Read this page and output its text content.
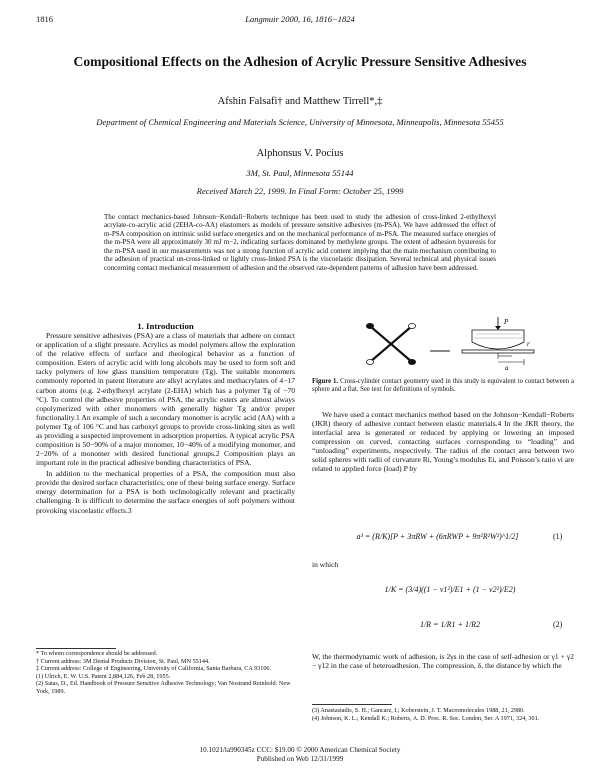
1816	Langmuir 2000, 16, 1816−1824
Compositional Effects on the Adhesion of Acrylic Pressure Sensitive Adhesives
Afshin Falsafi† and Matthew Tirrell*,‡
Department of Chemical Engineering and Materials Science, University of Minnesota, Minneapolis, Minnesota 55455
Alphonsus V. Pocius
3M, St. Paul, Minnesota 55144
Received March 22, 1999. In Final Form: October 25, 1999
The contact mechanics-based Johnson−Kendall−Roberts technique has been used to study the adhesion of cross-linked 2-ethylhexyl acrylate-co-acrylic acid (2EHA-co-AA) elastomers as models of pressure sensitive adhesives (m-PSA). We have addressed the effect of m-PSA composition on intrinsic solid surface energetics and on the mechanical performance of m-PSA. The measured surface energies of the m-PSA were all approximately 30 mJ m−2, indicating surfaces dominated by methylene groups. The extent of adhesion hysteresis for the m-PSA used in our measurements was not a strong function of acrylic acid content implying that the main mechanism contributing to the adhesion of practical un-cross-linked or lightly cross-linked PSA is the viscoelastic dissipation. Several technical and physical issues concerning contact mechanical measurement of adhesion and the observed rate-dependent patterns of adhesion have been addressed.

1. Introduction

Pressure sensitive adhesives (PSA) are a class of materials that adhere on contact or application of a slight pressure. Acrylics as model polymers allow the exploration of the relative effects of surface and rheological behavior as a function of composition. Esters of acrylic acid with long alcohols may be used to form soft and tacky polymers of low glass transition temperature (Tg). The suitable monomers commonly reported in patent literature are alkyl acrylates and methacrylates of 4−17 carbon atoms (e.g. 2-ethylhexyl acrylate (2-EHA) which has a polymer Tg of −70 °C). To control the adhesive properties of PSA, the acrylic esters are almost always copolymerized with other monomers with generally higher Tg and/or proper functionality.1 An example of such a secondary monomer is acrylic acid (AA) with a polymer Tg of 106 °C and has carboxyl groups to provide cross-linking sites as well as providing a suspected improvement in adsorption properties. A typical acrylic PSA composition is 50−90% of a major monomer, 10−40% of a modifying monomer, and 2−20% of a monomer with desired functional groups.2 Composition plays an important role in the practical adhesive bonding characteristics of PSA.

In addition to the mechanical properties of a PSA, the composition must also provide the desired surface characteristics, one of these being surface energy. Surface energy determination for a PSA is both technologically relevant and practically challenging. It is difficult to determine the surface energies of soft polymers without provoking viscoelastic effects.3

* To whom correspondence should be addressed.

† Current address: 3M Dental Products Division, St. Paul, MN 55144.

‡ Current address: College of Engineering, University of California, Santa Barbara, CA 93106.

(1) Ulrich, E. W. U.S. Patent 2,884,126, Feb 28, 1955.

(2) Satas, D., Ed. Handbook of Pressure Sensitive Adhesive Technology; Van Nostrand Reinhold: New York, 1989.

P
r
a
Figure 1. Cross-cylinder contact geometry used in this study is equivalent to contact between a sphere and a flat. See text for definitions of symbols.

We have used a contact mechanics method based on the Johnson−Kendall−Roberts (JKR) theory of adhesive contact between elastic materials.4 In the JKR theory, the interfacial area is generated or reduced by applying or lowering an imposed compression on curved, contacting surfaces corresponding to “loading” and “unloading” experiments, respectively. The radius of the contact area between two solid spheres with radii of curvature Ri, Young’s modulus Ei, and Poisson’s ratio νi are related to applied force (load) P by

a³ = (R/K)[P + 3πRW + (6πRWP + 9π²R²W²)^1/2]	(1)
in which
1/K = (3/4)((1 − ν1²)/E1 + (1 − ν2²)/E2)
1/R = 1/R1 + 1/R2	(2)

W, the thermodynamic work of adhesion, is 2γs in the case of self-adhesion or γ1 + γ2 − γ12 in the case of heteroadhesion. The compression, δ, the distance by which the

(3) Anastasiadis, S. H.; Gancarz, I.; Koberstein, J. T. Macromolecules 1988, 21, 2980.

(4) Johnson, K. L.; Kendall K.; Roberts, A. D. Proc. R. Soc. London, Ser. A 1971, 324, 301.

10.1021/la990345z CCC: $19.00 © 2000 American Chemical Society
Published on Web 12/31/1999
